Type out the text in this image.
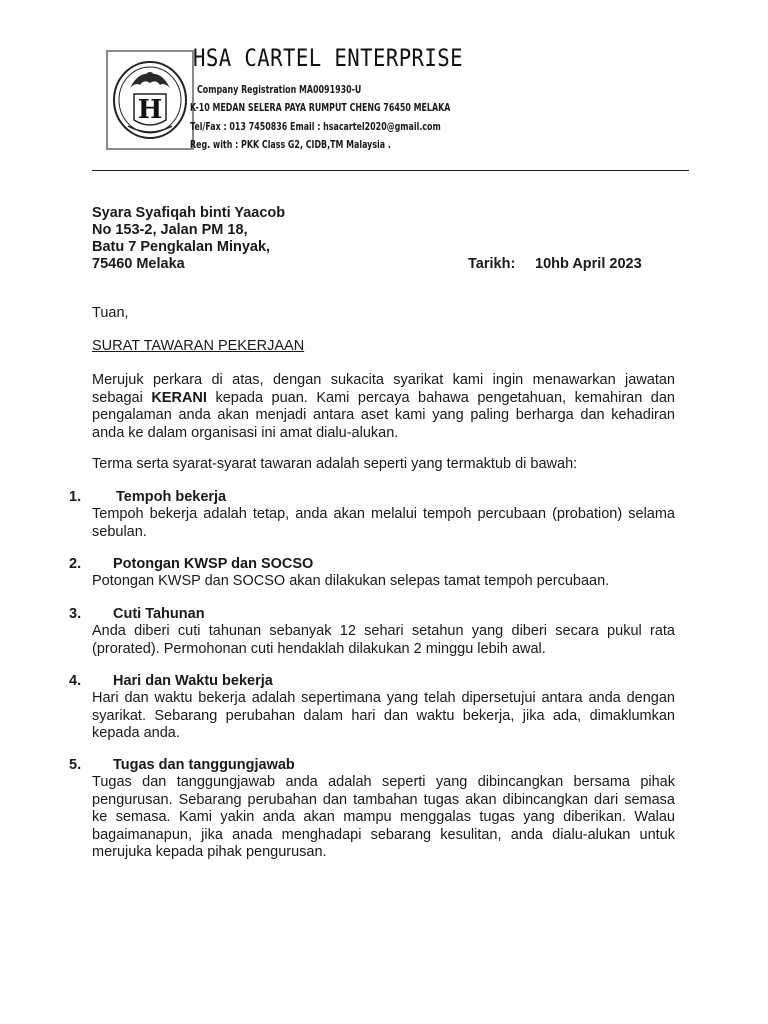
H
HSA CARTEL ENTERPRISE
Company Registration MA0091930-U
K-10 MEDAN SELERA PAYA RUMPUT CHENG 76450 MELAKA
Tel/Fax : 013 7450836 Email : hsacartel2020@gmail.com
Reg. with : PKK Class G2, CIDB,TM Malaysia .
Syara Syafiqah binti Yaacob
No 153-2, Jalan PM 18,
Batu 7 Pengkalan Minyak,
75460 Melaka	Tarikh: 10hb April 2023
Tuan,
SURAT TAWARAN PEKERJAAN
Merujuk perkara di atas, dengan sukacita syarikat kami ingin menawarkan jawatan sebagai KERANI kepada puan. Kami percaya bahawa pengetahuan, kemahiran dan pengalaman anda akan menjadi antara aset kami yang paling berharga dan kehadiran anda ke dalam organisasi ini amat dialu-alukan.
Terma serta syarat-syarat tawaran adalah seperti yang termaktub di bawah:
1. Tempoh bekerja
Tempoh bekerja adalah tetap, anda akan melalui tempoh percubaan (probation) selama sebulan.
2. Potongan KWSP dan SOCSO
Potongan KWSP dan SOCSO akan dilakukan selepas tamat tempoh percubaan.
3. Cuti Tahunan
Anda diberi cuti tahunan sebanyak 12 sehari setahun yang diberi secara pukul rata (prorated). Permohonan cuti hendaklah dilakukan 2 minggu lebih awal.
4. Hari dan Waktu bekerja
Hari dan waktu bekerja adalah sepertimana yang telah dipersetujui antara anda dengan syarikat. Sebarang perubahan dalam hari dan waktu bekerja, jika ada, dimaklumkan kepada anda.
5. Tugas dan tanggungjawab
Tugas dan tanggungjawab anda adalah seperti yang dibincangkan bersama pihak pengurusan. Sebarang perubahan dan tambahan tugas akan dibincangkan dari semasa ke semasa. Kami yakin anda akan mampu menggalas tugas yang diberikan. Walau bagaimanapun, jika anada menghadapi sebarang kesulitan, anda dialu-alukan untuk merujuka kepada pihak pengurusan.
